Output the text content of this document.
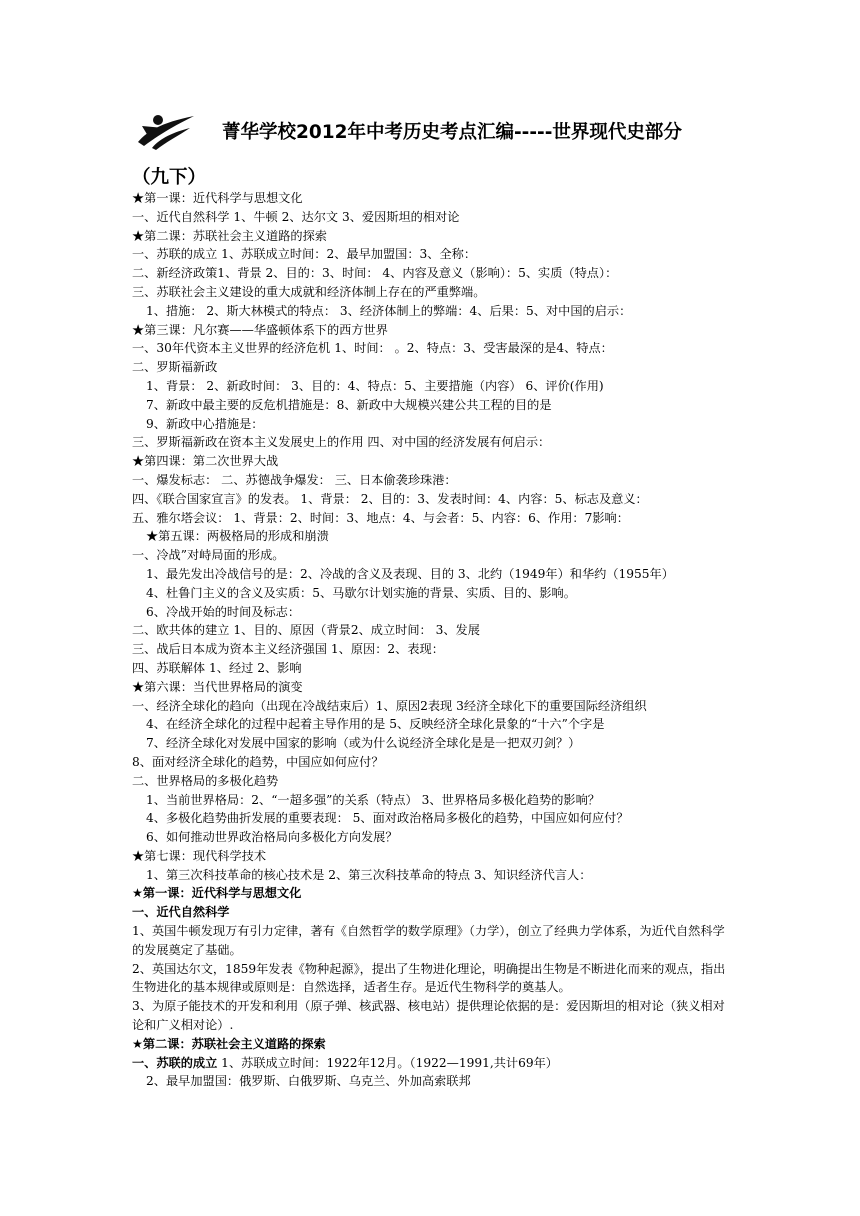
菁华学校2012年中考历史考点汇编-----世界现代史部分
（九下）

★第一课：近代科学与思想文化

一、近代自然科学 1、牛顿 2、达尔文 3、爱因斯坦的相对论

★第二课：苏联社会主义道路的探索

一、苏联的成立 1、苏联成立时间：2、最早加盟国：3、全称：

二、新经济政策1、背景 2、目的：3、时间： 4、内容及意义（影响）：5、实质（特点）：

三、苏联社会主义建设的重大成就和经济体制上存在的严重弊端。

1、措施： 2、斯大林模式的特点： 3、经济体制上的弊端：4、后果：5、对中国的启示：

★第三课：凡尔赛——华盛顿体系下的西方世界

一、30年代资本主义世界的经济危机 1、时间： 。2、特点：3、受害最深的是4、特点：

二、罗斯福新政

1、背景： 2、新政时间： 3、目的：4、特点：5、主要措施（内容） 6、评价(作用)

7、新政中最主要的反危机措施是：8、新政中大规模兴建公共工程的目的是

9、新政中心措施是：

三、罗斯福新政在资本主义发展史上的作用 四、对中国的经济发展有何启示：

★第四课：第二次世界大战

一、爆发标志： 二、苏德战争爆发： 三、日本偷袭珍珠港：

四、《联合国家宣言》的发表。 1、背景： 2、目的：3、发表时间：4、内容：5、标志及意义：

五、雅尔塔会议： 1、背景：2、时间：3、地点：4、与会者：5、内容：6、作用：7影响：

★第五课：两极格局的形成和崩溃

一、冷战”对峙局面的形成。

1、最先发出冷战信号的是：2、冷战的含义及表现、目的 3、北约（1949年）和华约（1955年）

4、杜鲁门主义的含义及实质：5、马歇尔计划实施的背景、实质、目的、影响。

6、冷战开始的时间及标志：

二、欧共体的建立 1、目的、原因（背景2、成立时间： 3、发展

三、战后日本成为资本主义经济强国 1、原因：2、表现：

四、苏联解体 1、经过 2、影响

★第六课：当代世界格局的演变

一、经济全球化的趋向（出现在冷战结束后）1、原因2表现 3经济全球化下的重要国际经济组织

4、在经济全球化的过程中起着主导作用的是 5、反映经济全球化景象的“十六”个字是

7、经济全球化对发展中国家的影响（或为什么说经济全球化是是一把双刃剑？）

8、面对经济全球化的趋势，中国应如何应付？

二、世界格局的多极化趋势

1、当前世界格局：2、“一超多强”的关系（特点） 3、世界格局多极化趋势的影响？

4、多极化趋势曲折发展的重要表现： 5、面对政治格局多极化的趋势，中国应如何应付？

6、如何推动世界政治格局向多极化方向发展？

★第七课：现代科学技术

1、第三次科技革命的核心技术是 2、第三次科技革命的特点 3、知识经济代言人：

★第一课：近代科学与思想文化

一、近代自然科学

1、英国牛顿发现万有引力定律，著有《自然哲学的数学原理》（力学），创立了经典力学体系，为近代自然科学的发展奠定了基础。

2、英国达尔文，1859年发表《物种起源》，提出了生物进化理论，明确提出生物是不断进化而来的观点，指出生物进化的基本规律或原则是：自然选择，适者生存。是近代生物科学的奠基人。

3、为原子能技术的开发和利用（原子弹、核武器、核电站）提供理论依据的是：爱因斯坦的相对论（狭义相对论和广义相对论）.

★第二课：苏联社会主义道路的探索

一、苏联的成立 1、苏联成立时间：1922年12月。（1922—1991,共计69年）

2、最早加盟国：俄罗斯、白俄罗斯、乌克兰、外加高索联邦
